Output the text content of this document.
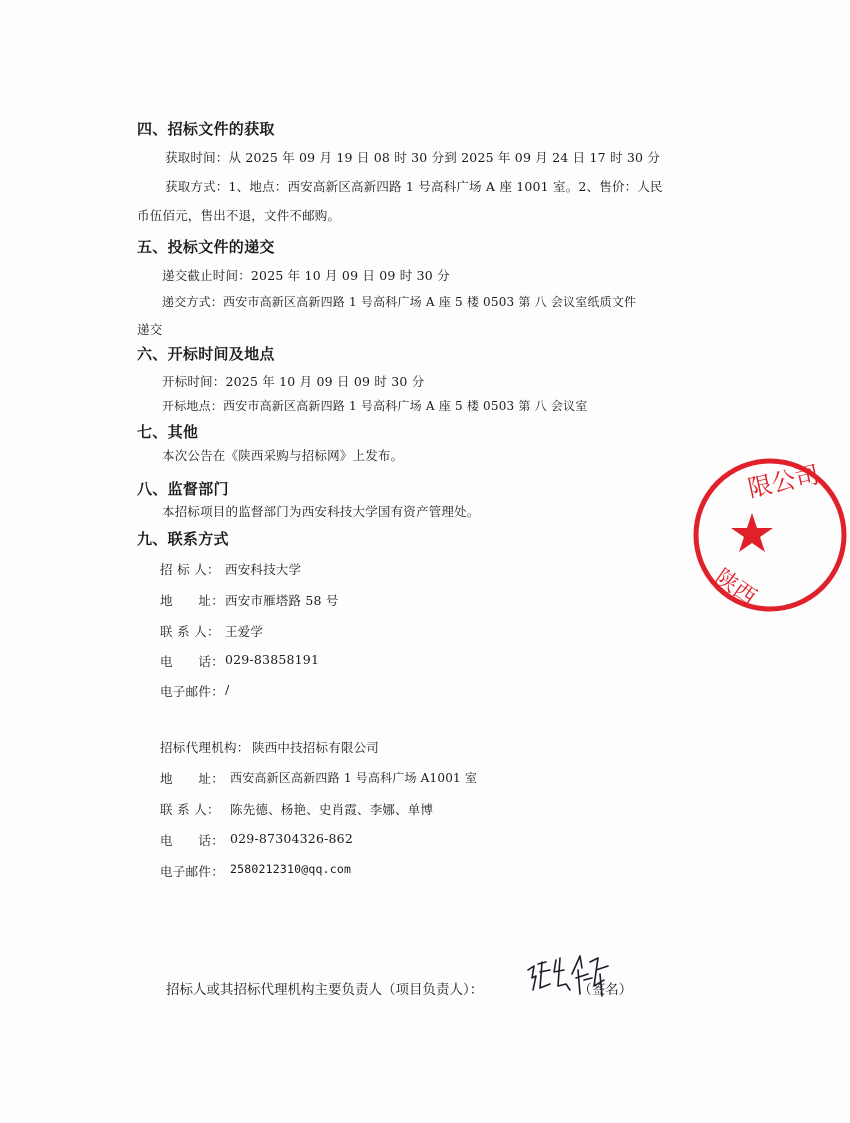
四、招标文件的获取
获取时间：从 2025 年 09 月 19 日 08 时 30 分到 2025 年 09 月 24 日 17 时 30 分
获取方式：1、地点：西安高新区高新四路 1 号高科广场 A 座 1001 室。2、售价：人民
币伍佰元，售出不退，文件不邮购。
五、投标文件的递交
递交截止时间：2025 年 10 月 09 日 09 时 30 分
递交方式：西安市高新区高新四路 1 号高科广场 A 座 5 楼 0503 第 八 会议室纸质文件
递交
六、开标时间及地点
开标时间：2025 年 10 月 09 日 09 时 30 分
开标地点：西安市高新区高新四路 1 号高科广场 A 座 5 楼 0503 第 八 会议室
七、其他
本次公告在《陕西采购与招标网》上发布。
八、监督部门
本招标项目的监督部门为西安科技大学国有资产管理处。
九、联系方式
招 标 人： 西安科技大学
地　　址： 西安市雁塔路 58 号
联 系 人： 王爱学
电　　话： 029-83858191
电子邮件： /
招标代理机构： 陕西中技招标有限公司
地　　址： 西安高新区高新四路 1 号高科广场 A1001 室
联 系 人： 陈先德、杨艳、史肖霞、李娜、单博
电　　话： 029-87304326-862
电子邮件： 2580212310@qq.com
招标人或其招标代理机构主要负责人（项目负责人）：	（签名）
限公司
陕西
